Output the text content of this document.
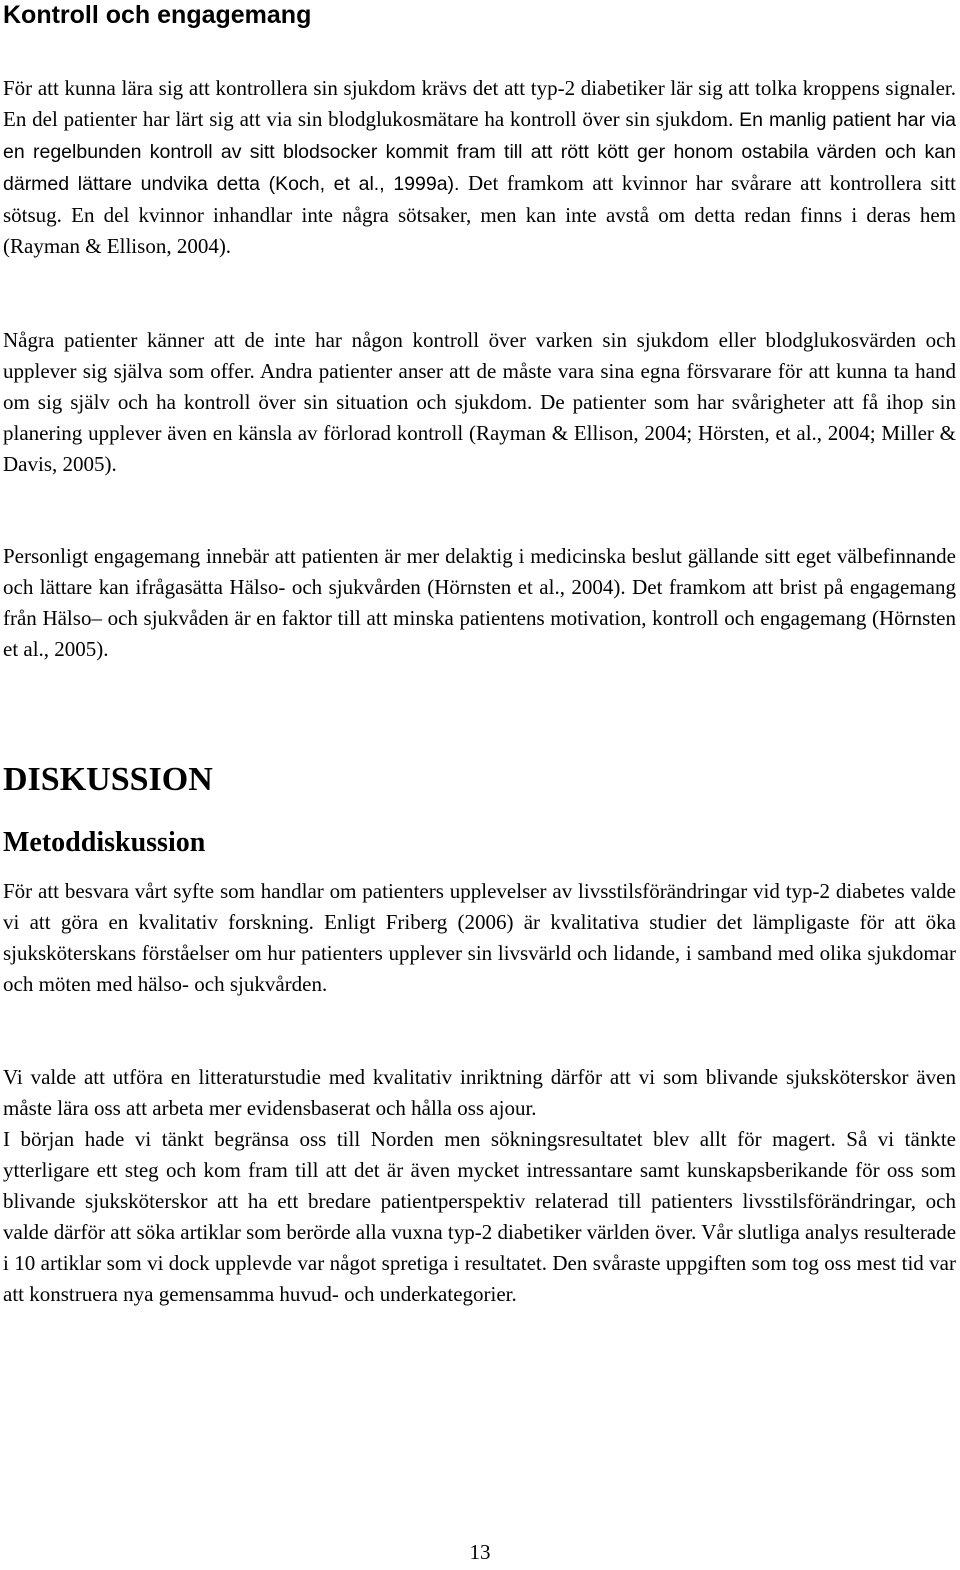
Kontroll och engagemang

För att kunna lära sig att kontrollera sin sjukdom krävs det att typ-2 diabetiker lär sig att tolka kroppens signaler. En del patienter har lärt sig att via sin blodglukosmätare ha kontroll över sin sjukdom. En manlig patient har via en regelbunden kontroll av sitt blodsocker kommit fram till att rött kött ger honom ostabila värden och kan därmed lättare undvika detta (Koch, et al., 1999a). Det framkom att kvinnor har svårare att kontrollera sitt sötsug. En del kvinnor inhandlar inte några sötsaker, men kan inte avstå om detta redan finns i deras hem (Rayman & Ellison, 2004).

Några patienter känner att de inte har någon kontroll över varken sin sjukdom eller blodglukosvärden och upplever sig själva som offer. Andra patienter anser att de måste vara sina egna försvarare för att kunna ta hand om sig själv och ha kontroll över sin situation och sjukdom. De patienter som har svårigheter att få ihop sin planering upplever även en känsla av förlorad kontroll (Rayman & Ellison, 2004; Hörsten, et al., 2004; Miller & Davis, 2005).

Personligt engagemang innebär att patienten är mer delaktig i medicinska beslut gällande sitt eget välbefinnande och lättare kan ifrågasätta Hälso- och sjukvården (Hörnsten et al., 2004). Det framkom att brist på engagemang från Hälso– och sjukvåden är en faktor till att minska patientens motivation, kontroll och engagemang (Hörnsten et al., 2005).

DISKUSSION
Metoddiskussion

För att besvara vårt syfte som handlar om patienters upplevelser av livsstilsförändringar vid typ-2 diabetes valde vi att göra en kvalitativ forskning. Enligt Friberg (2006) är kvalitativa studier det lämpligaste för att öka sjuksköterskans förståelser om hur patienters upplever sin livsvärld och lidande, i samband med olika sjukdomar och möten med hälso- och sjukvården.

Vi valde att utföra en litteraturstudie med kvalitativ inriktning därför att vi som blivande sjuksköterskor även måste lära oss att arbeta mer evidensbaserat och hålla oss ajour.

I början hade vi tänkt begränsa oss till Norden men sökningsresultatet blev allt för magert. Så vi tänkte ytterligare ett steg och kom fram till att det är även mycket intressantare samt kunskapsberikande för oss som blivande sjuksköterskor att ha ett bredare patientperspektiv relaterad till patienters livsstilsförändringar, och valde därför att söka artiklar som berörde alla vuxna typ-2 diabetiker världen över. Vår slutliga analys resulterade i 10 artiklar som vi dock upplevde var något spretiga i resultatet. Den svåraste uppgiften som tog oss mest tid var att konstruera nya gemensamma huvud- och underkategorier.

13
